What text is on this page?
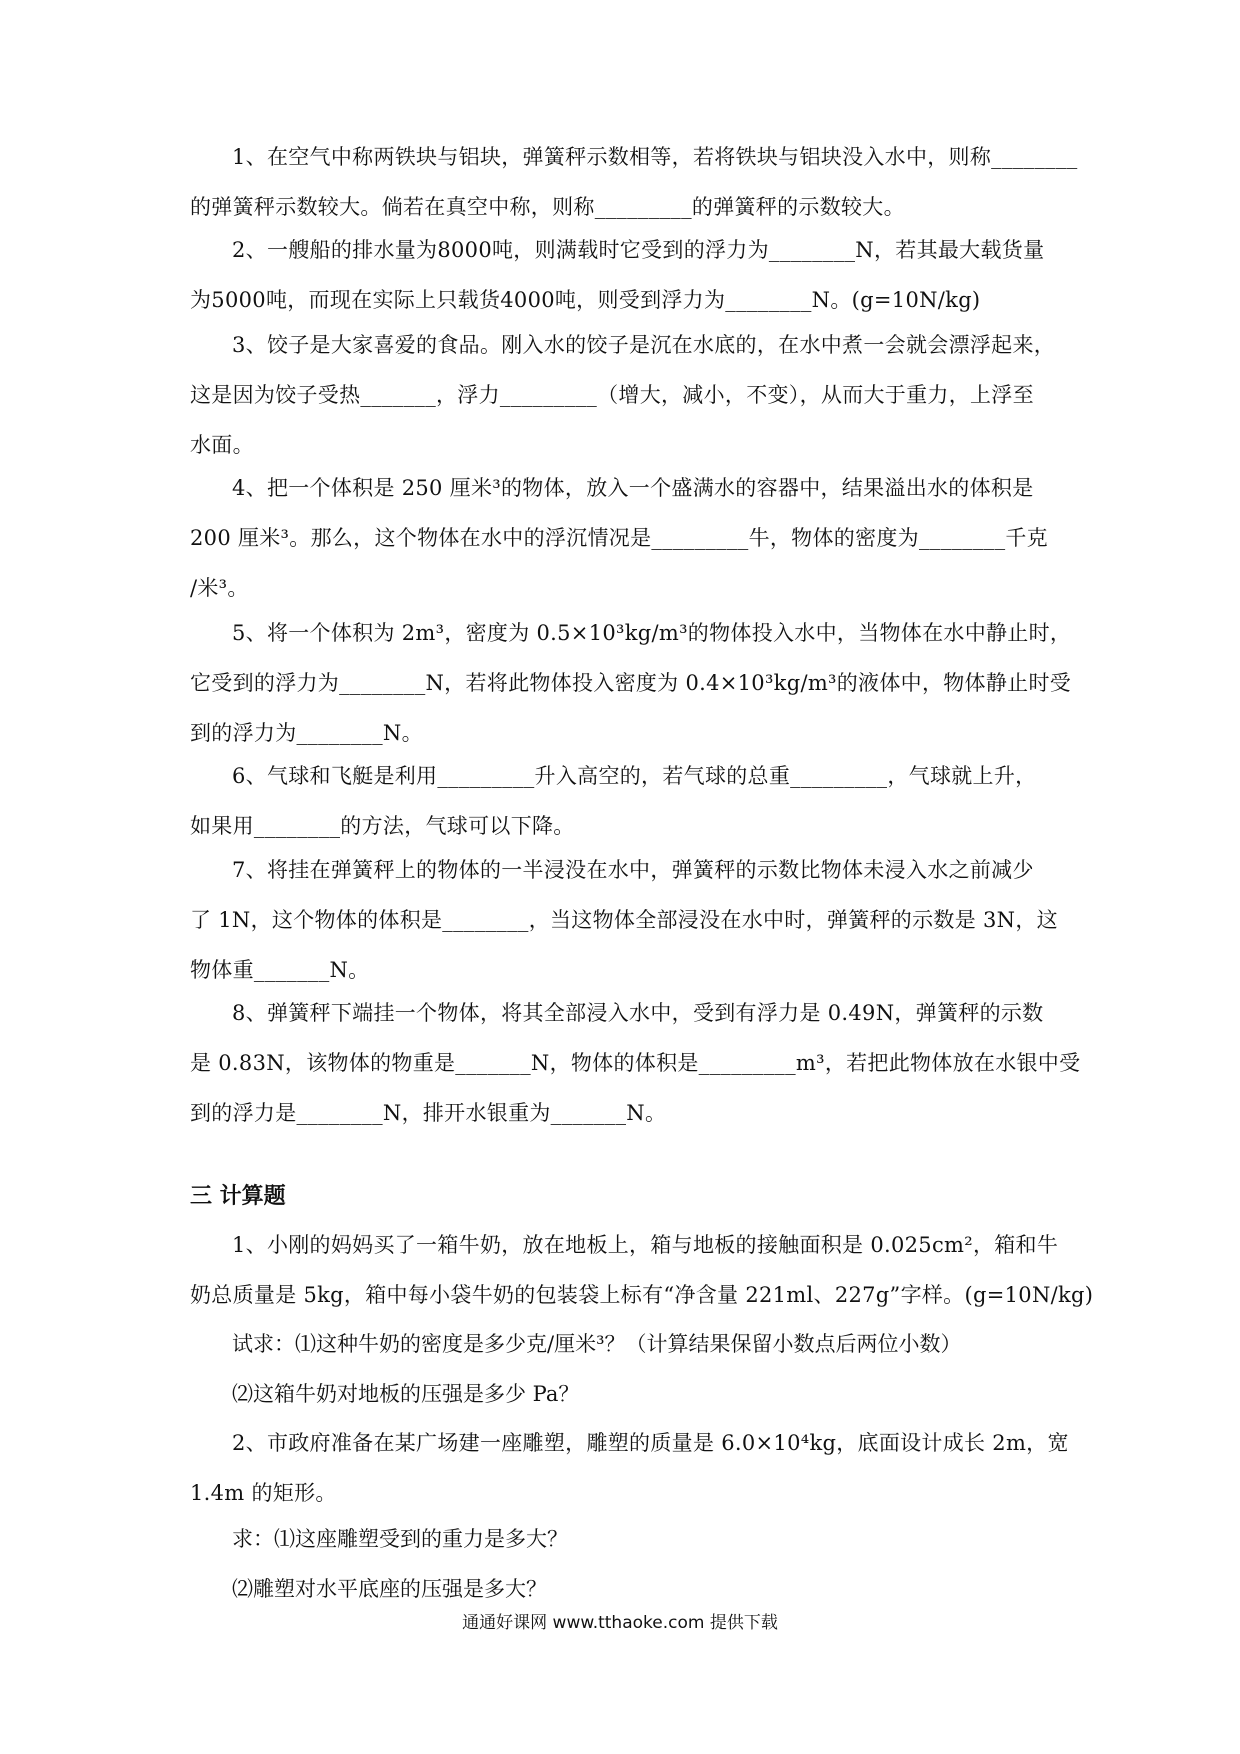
1、在空气中称两铁块与铝块，弹簧秤示数相等，若将铁块与铝块没入水中，则称________
的弹簧秤示数较大。倘若在真空中称，则称_________的弹簧秤的示数较大。
2、一艘船的排水量为8000吨，则满载时它受到的浮力为________N，若其最大载货量
为5000吨，而现在实际上只载货4000吨，则受到浮力为________N。(g=10N/kg)
3、饺子是大家喜爱的食品。刚入水的饺子是沉在水底的，在水中煮一会就会漂浮起来，
这是因为饺子受热_______，浮力_________（增大，减小，不变），从而大于重力，上浮至
水面。
4、把一个体积是 250 厘米³的物体，放入一个盛满水的容器中，结果溢出水的体积是
200 厘米³。那么，这个物体在水中的浮沉情况是_________牛，物体的密度为________千克
/米³。
5、将一个体积为 2m³，密度为 0.5×10³kg/m³的物体投入水中，当物体在水中静止时，
它受到的浮力为________N，若将此物体投入密度为 0.4×10³kg/m³的液体中，物体静止时受
到的浮力为________N。
6、气球和飞艇是利用_________升入高空的，若气球的总重_________，气球就上升，
如果用________的方法，气球可以下降。
7、将挂在弹簧秤上的物体的一半浸没在水中，弹簧秤的示数比物体未浸入水之前减少
了 1N，这个物体的体积是________，当这物体全部浸没在水中时，弹簧秤的示数是 3N，这
物体重_______N。
8、弹簧秤下端挂一个物体，将其全部浸入水中，受到有浮力是 0.49N，弹簧秤的示数
是 0.83N，该物体的物重是_______N，物体的体积是_________m³，若把此物体放在水银中受
到的浮力是________N，排开水银重为_______N。
三 计算题
1、小刚的妈妈买了一箱牛奶，放在地板上，箱与地板的接触面积是 0.025cm²，箱和牛
奶总质量是 5kg，箱中每小袋牛奶的包装袋上标有“净含量 221ml、227g”字样。(g=10N/kg)
试求：⑴这种牛奶的密度是多少克/厘米³？（计算结果保留小数点后两位小数）
⑵这箱牛奶对地板的压强是多少 Pa？
2、市政府准备在某广场建一座雕塑，雕塑的质量是 6.0×10⁴kg，底面设计成长 2m，宽
1.4m 的矩形。
求：⑴这座雕塑受到的重力是多大？
⑵雕塑对水平底座的压强是多大？
通通好课网 www.tthaoke.com 提供下载
